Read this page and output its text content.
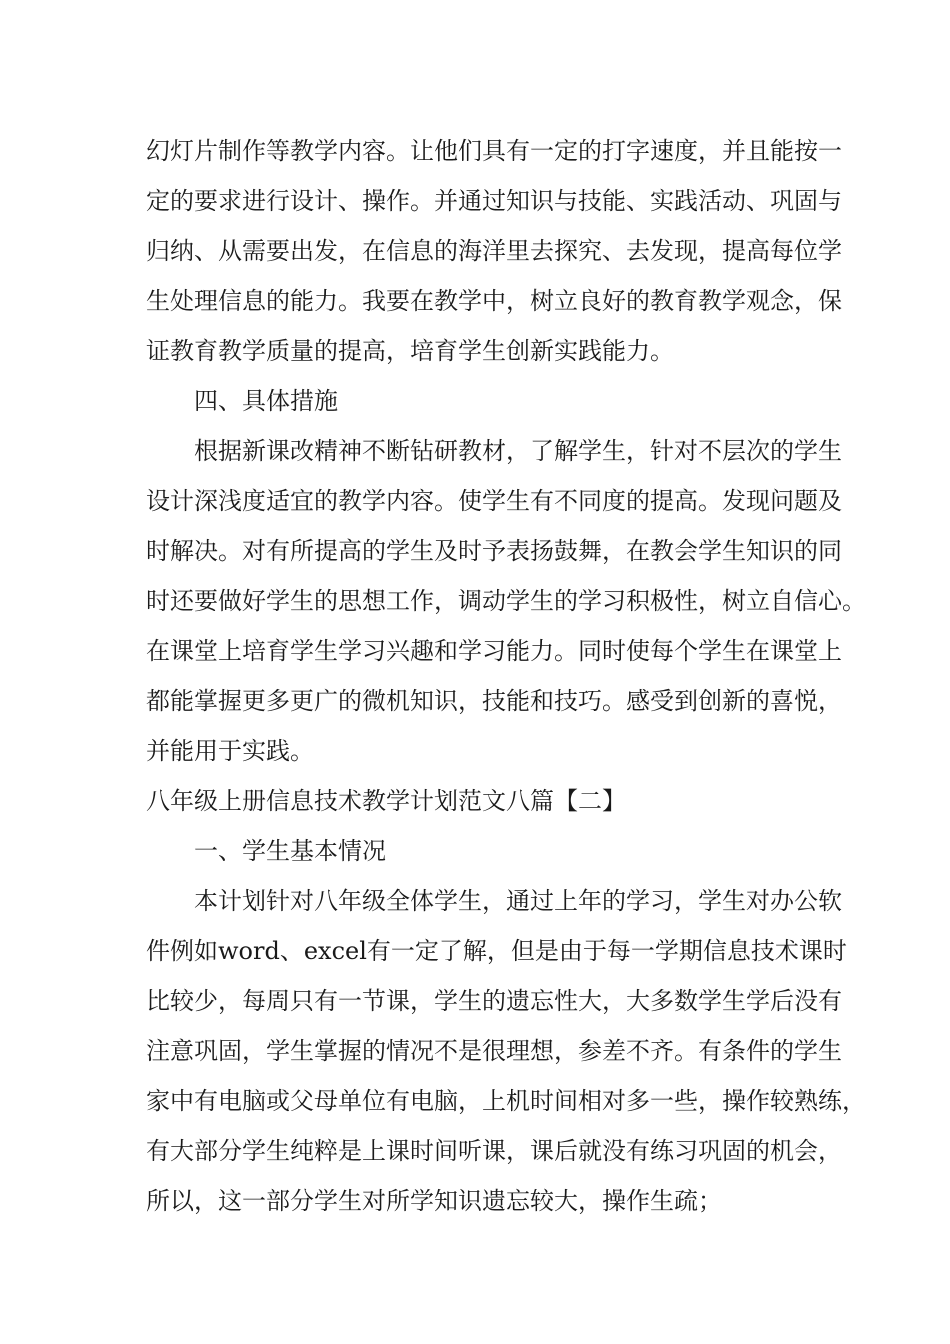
幻灯片制作等教学内容。让他们具有一定的打字速度，并且能按一
定的要求进行设计、操作。并通过知识与技能、实践活动、巩固与
归纳、从需要出发，在信息的海洋里去探究、去发现，提高每位学
生处理信息的能力。我要在教学中，树立良好的教育教学观念，保
证教育教学质量的提高，培育学生创新实践能力。
四、具体措施
根据新课改精神不断钻研教材，了解学生，针对不层次的学生
设计深浅度适宜的教学内容。使学生有不同度的提高。发现问题及
时解决。对有所提高的学生及时予表扬鼓舞，在教会学生知识的同
时还要做好学生的思想工作，调动学生的学习积极性，树立自信心。
在课堂上培育学生学习兴趣和学习能力。同时使每个学生在课堂上
都能掌握更多更广的微机知识，技能和技巧。感受到创新的喜悦，
并能用于实践。
八年级上册信息技术教学计划范文八篇【二】
一、学生基本情况
本计划针对八年级全体学生，通过上年的学习，学生对办公软
件例如word、excel有一定了解，但是由于每一学期信息技术课时
比较少，每周只有一节课，学生的遗忘性大，大多数学生学后没有
注意巩固，学生掌握的情况不是很理想，参差不齐。有条件的学生
家中有电脑或父母单位有电脑，上机时间相对多一些，操作较熟练，
有大部分学生纯粹是上课时间听课，课后就没有练习巩固的机会，
所以，这一部分学生对所学知识遗忘较大，操作生疏；
